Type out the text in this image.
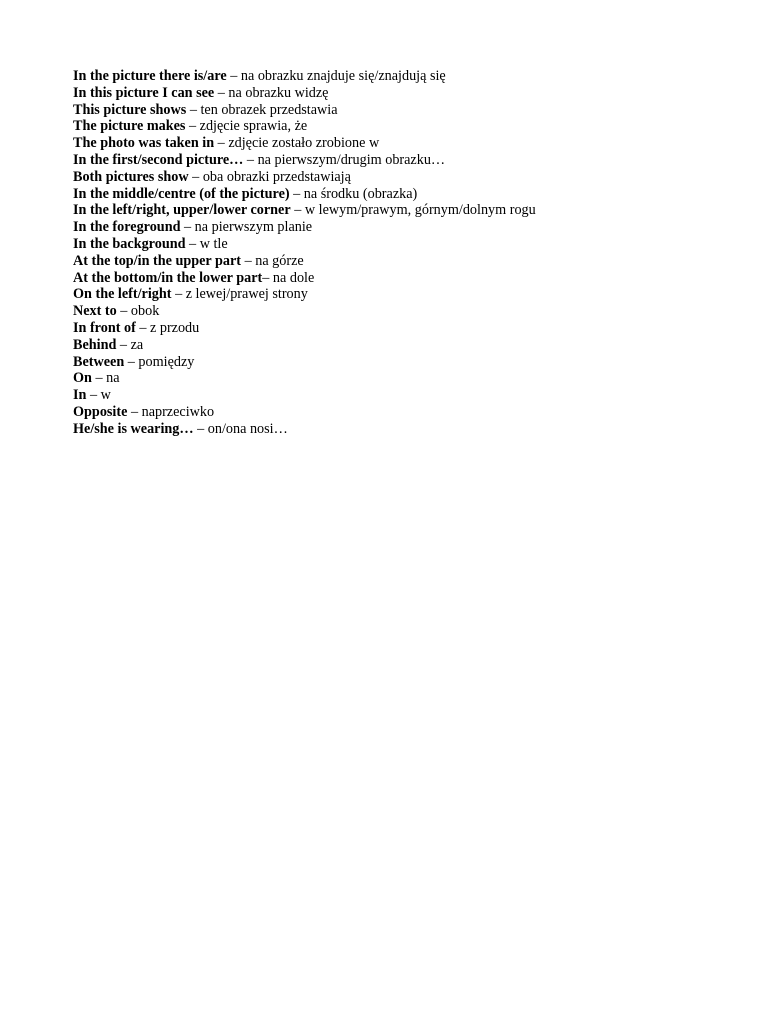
In the picture there is/are – na obrazku znajduje się/znajdują się
In this picture I can see – na obrazku widzę
This picture shows – ten obrazek przedstawia
The picture makes – zdjęcie sprawia, że
The photo was taken in – zdjęcie zostało zrobione w
In the first/second picture… – na pierwszym/drugim obrazku…
Both pictures show – oba obrazki przedstawiają
In the middle/centre (of the picture) – na środku (obrazka)
In the left/right, upper/lower corner – w lewym/prawym, górnym/dolnym rogu
In the foreground – na pierwszym planie
In the background – w tle
At the top/in the upper part – na górze
At the bottom/in the lower part– na dole
On the left/right – z lewej/prawej strony
Next to – obok
In front of – z przodu
Behind – za
Between – pomiędzy
On – na
In – w
Opposite – naprzeciwko
He/she is wearing… – on/ona nosi…
